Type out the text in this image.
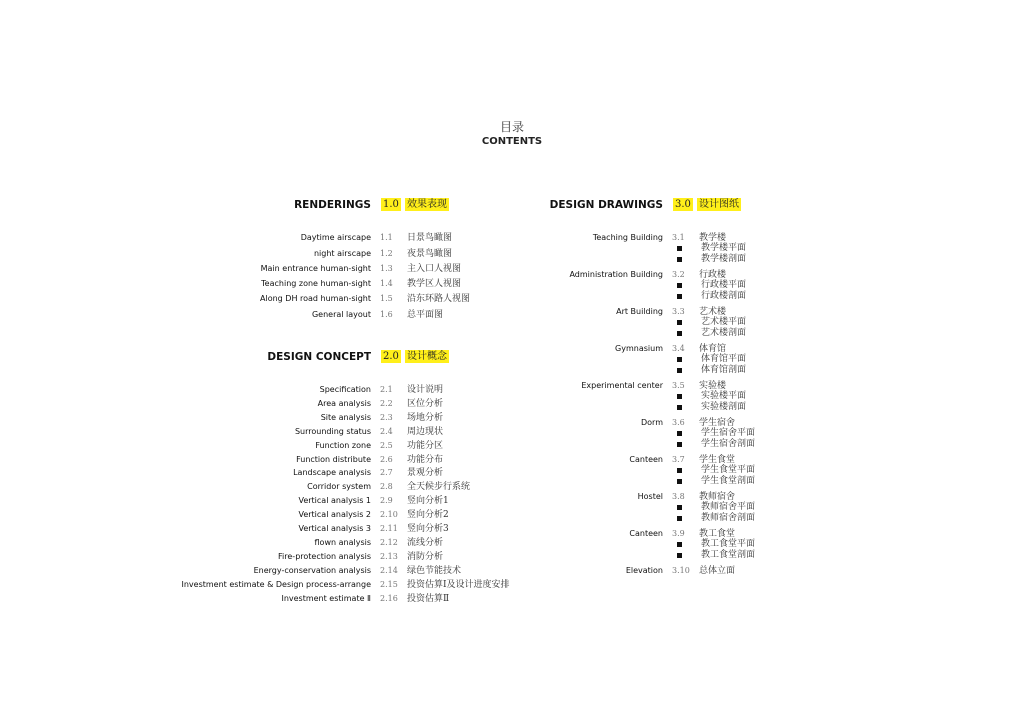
目录
CONTENTS
RENDERINGS 1.0 效果表现
Daytime airscape 1.1 日景鸟瞰图
night airscape 1.2 夜景鸟瞰图
Main entrance human-sight 1.3 主入口人视图
Teaching zone human-sight 1.4 教学区人视图
Along DH road human-sight 1.5 沿东环路人视图
General layout 1.6 总平面图
DESIGN CONCEPT 2.0 设计概念
Specification 2.1 设计说明
Area analysis 2.2 区位分析
Site analysis 2.3 场地分析
Surrounding status 2.4 周边现状
Function zone 2.5 功能分区
Function distribute 2.6 功能分布
Landscape analysis 2.7 景观分析
Corridor system 2.8 全天候步行系统
Vertical analysis 1 2.9 竖向分析1
Vertical analysis 2 2.10 竖向分析2
Vertical analysis 3 2.11 竖向分析3
flown analysis 2.12 流线分析
Fire-protection analysis 2.13 消防分析
Energy-conservation analysis 2.14 绿色节能技术
Investment estimate & Design process-arrange 2.15 投资估算Ⅰ及设计进度安排
Investment estimate Ⅱ 2.16 投资估算Ⅱ
DESIGN DRAWINGS 3.0 设计图纸
Teaching Building 3.1 教学楼
教学楼平面
教学楼剖面
Administration Building 3.2 行政楼
行政楼平面
行政楼剖面
Art Building 3.3 艺术楼
艺术楼平面
艺术楼剖面
Gymnasium 3.4 体育馆
体育馆平面
体育馆剖面
Experimental center 3.5 实验楼
实验楼平面
实验楼剖面
Dorm 3.6 学生宿舍
学生宿舍平面
学生宿舍剖面
Canteen 3.7 学生食堂
学生食堂平面
学生食堂剖面
Hostel 3.8 教师宿舍
教师宿舍平面
教师宿舍剖面
Canteen 3.9 教工食堂
教工食堂平面
教工食堂剖面
Elevation 3.10 总体立面
